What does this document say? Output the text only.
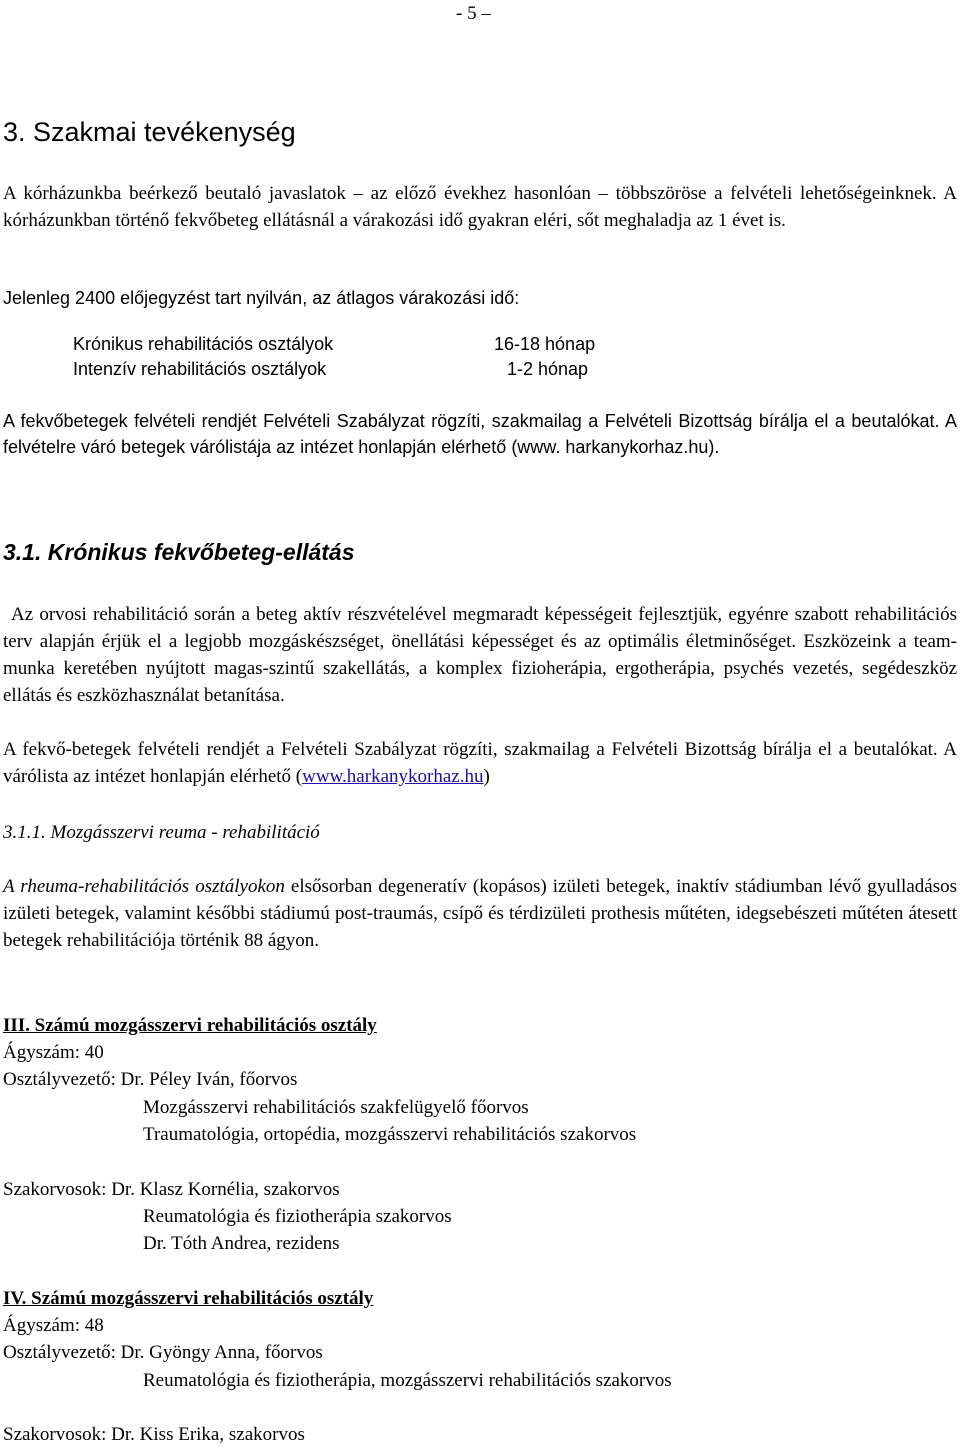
- 5 –
3. Szakmai tevékenység

A kórházunkba beérkező beutaló javaslatok – az előző évekhez hasonlóan – többszöröse a felvételi lehetőségeinknek. A kórházunkban történő fekvőbeteg ellátásnál a várakozási idő gyakran eléri, sőt meghaladja az 1 évet is.

Jelenleg 2400 előjegyzést tart nyilván, az átlagos várakozási idő:

Krónikus rehabilitációs osztályok	16-18 hónap
Intenzív rehabilitációs osztályok	1-2 hónap

A fekvőbetegek felvételi rendjét Felvételi Szabályzat rögzíti, szakmailag a Felvételi Bizottság bírálja el a beutalókat. A felvételre váró betegek várólistája az intézet honlapján elérhető (www. harkanykorhaz.hu).

3.1. Krónikus fekvőbeteg-ellátás

Az orvosi rehabilitáció során a beteg aktív részvételével megmaradt képességeit fejlesztjük, egyénre szabott rehabilitációs terv alapján érjük el a legjobb mozgáskészséget, önellátási képességet és az optimális életminőséget. Eszközeink a team-munka keretében nyújtott magas-szintű szakellátás, a komplex fizioherápia, ergotherápia, psychés vezetés, segédeszköz ellátás és eszközhasználat betanítása.

A fekvő-betegek felvételi rendjét a Felvételi Szabályzat rögzíti, szakmailag a Felvételi Bizottság bírálja el a beutalókat. A várólista az intézet honlapján elérhető (www.harkanykorhaz.hu)

3.1.1. Mozgásszervi reuma - rehabilitáció

A rheuma-rehabilitációs osztályokon elsősorban degeneratív (kopásos) izületi betegek, inaktív stádiumban lévő gyulladásos izületi betegek, valamint későbbi stádiumú post-traumás, csípő és térdizületi prothesis műtéten, idegsebészeti műtéten átesett betegek rehabilitációja történik 88 ágyon.

III. Számú mozgásszervi rehabilitációs osztály
Ágyszám: 40
Osztályvezető: Dr. Péley Iván, főorvos
Mozgásszervi rehabilitációs szakfelügyelő főorvos
Traumatológia, ortopédia, mozgásszervi rehabilitációs szakorvos
Szakorvosok: Dr. Klasz Kornélia, szakorvos
Reumatológia és fiziotherápia szakorvos
Dr. Tóth Andrea, rezidens
IV. Számú mozgásszervi rehabilitációs osztály
Ágyszám: 48
Osztályvezető: Dr. Gyöngy Anna, főorvos
Reumatológia és fiziotherápia, mozgásszervi rehabilitációs szakorvos
Szakorvosok: Dr. Kiss Erika, szakorvos
